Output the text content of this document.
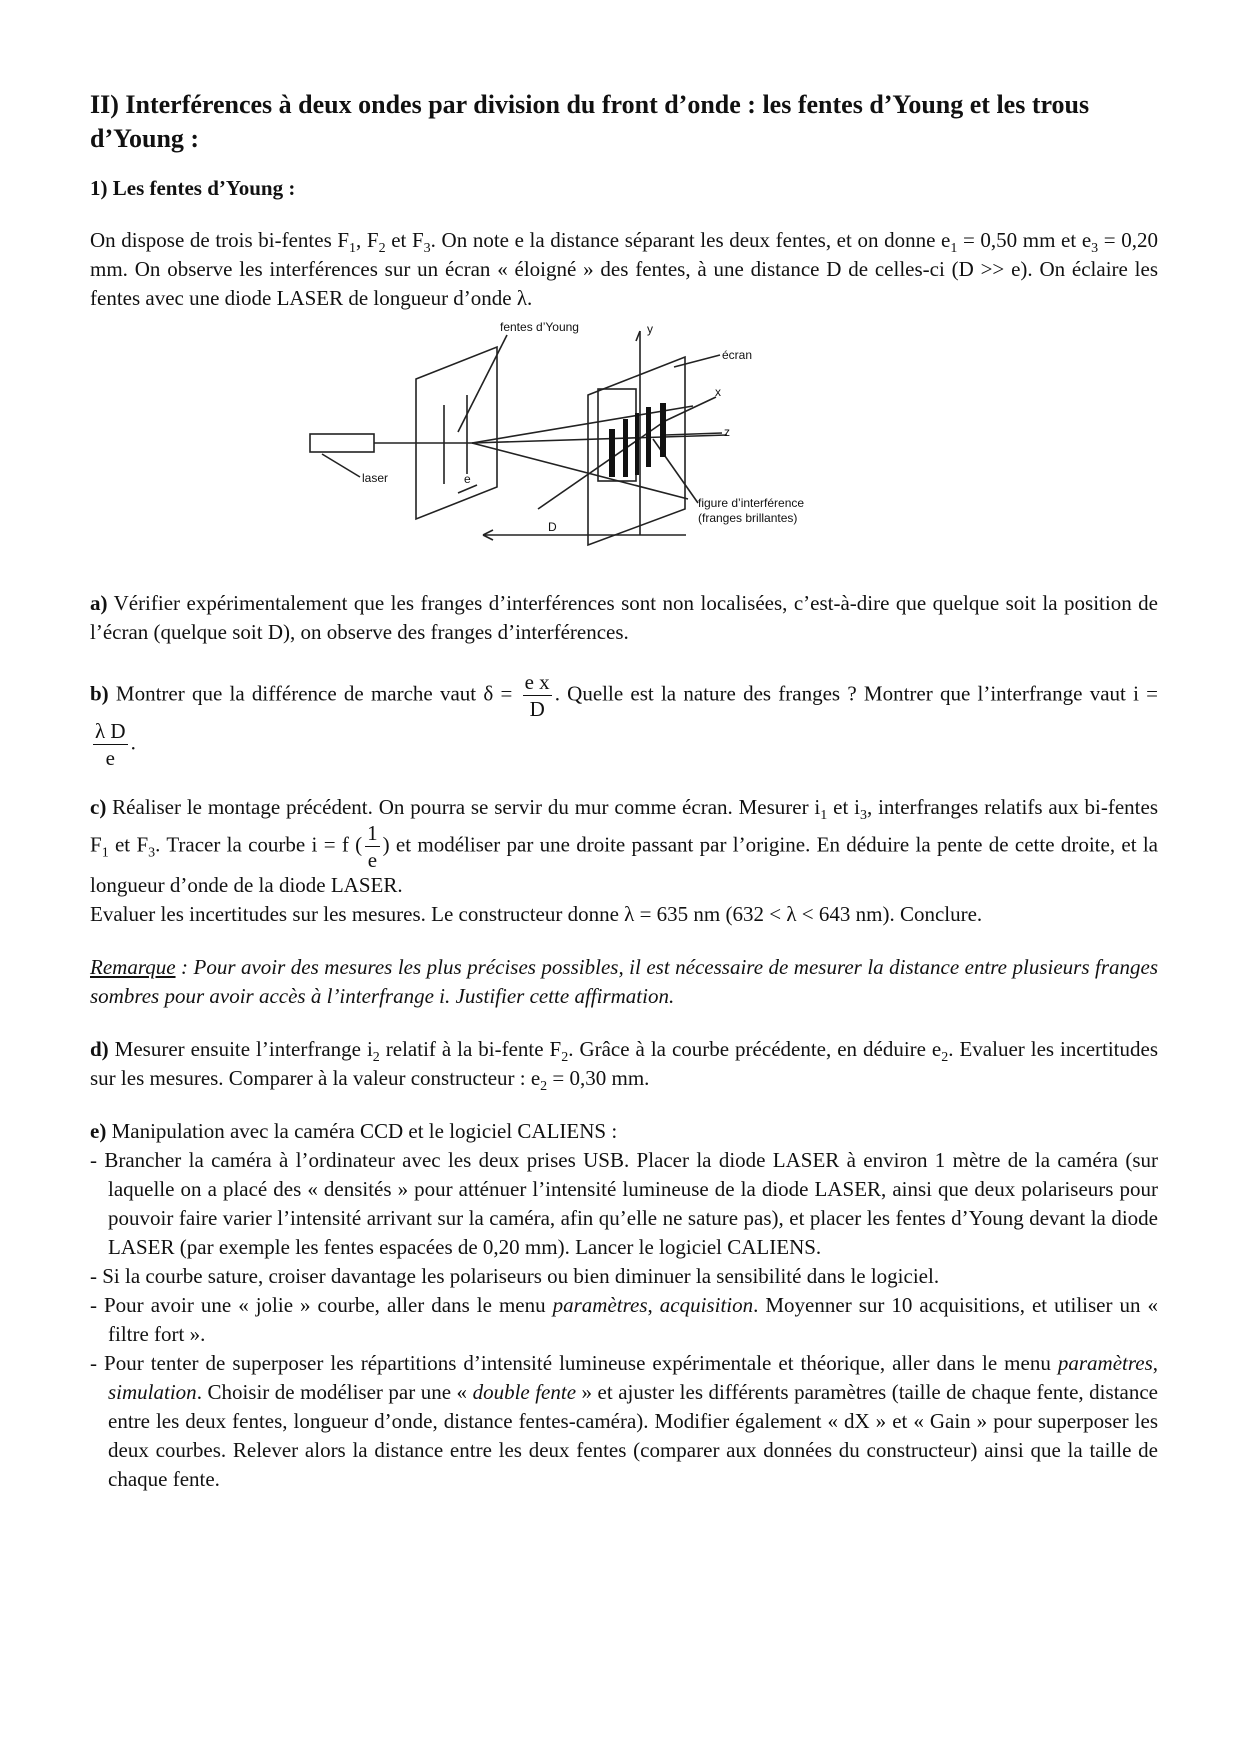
II) Interférences à deux ondes par division du front d’onde : les fentes d’Young et les trous d’Young :
1) Les fentes d’Young :

On dispose de trois bi-fentes $F_1$, $F_2$ et $F_3$. On note e la distance séparant les deux fentes, et on donne $e_1 = 0,50$ mm et $e_3 = 0,20$ mm. On observe les interférences sur un écran « éloigné » des fentes, à une distance D de celles-ci (D >> e). On éclaire les fentes avec une diode LASER de longueur d’onde λ.

fentes d’Young	y
écran
x
z
laser	e
D
figure d’interférence
(franges brillantes)

a) Vérifier expérimentalement que les franges d’interférences sont non localisées, c’est-à-dire que quelque soit la position de l’écran (quelque soit D), on observe des franges d’interférences.

b) Montrer que la différence de marche vaut $\delta = \frac{\text{e x}}{D}$ . Quelle est la nature des franges ? Montrer que l’interfrange vaut i =
$\frac{\text{λ D}}{e}$ .

c) Réaliser le montage précédent. On pourra se servir du mur comme écran. Mesurer $i_1$ et $i_3$, interfranges relatifs aux bi-fentes $F_1$ et $F_3$. Tracer la courbe i = f ( $\frac{1}{e}$ ) et modéliser par une droite passant par l’origine. En déduire la pente de cette droite, et la longueur d’onde de la diode LASER.

Evaluer les incertitudes sur les mesures. Le constructeur donne λ = 635 nm (632 < λ < 643 nm). Conclure.

Remarque : Pour avoir des mesures les plus précises possibles, il est nécessaire de mesurer la distance entre plusieurs franges sombres pour avoir accès à l’interfrange i. Justifier cette affirmation.

d) Mesurer ensuite l’interfrange $i_2$ relatif à la bi-fente $F_2$. Grâce à la courbe précédente, en déduire $e_2$. Evaluer les incertitudes sur les mesures. Comparer à la valeur constructeur : $e_2 = 0,30$ mm.

e) Manipulation avec la caméra CCD et le logiciel CALIENS :

- Brancher la caméra à l’ordinateur avec les deux prises USB. Placer la diode LASER à environ 1 mètre de la caméra (sur laquelle on a placé des « densités » pour atténuer l’intensité lumineuse de la diode LASER, ainsi que deux polariseurs pour pouvoir faire varier l’intensité arrivant sur la caméra, afin qu’elle ne sature pas), et placer les fentes d’Young devant la diode LASER (par exemple les fentes espacées de 0,20 mm). Lancer le logiciel CALIENS.
- Si la courbe sature, croiser davantage les polariseurs ou bien diminuer la sensibilité dans le logiciel.
- Pour avoir une « jolie » courbe, aller dans le menu paramètres, acquisition. Moyenner sur 10 acquisitions, et utiliser un « filtre fort ».
- Pour tenter de superposer les répartitions d’intensité lumineuse expérimentale et théorique, aller dans le menu paramètres, simulation. Choisir de modéliser par une « double fente » et ajuster les différents paramètres (taille de chaque fente, distance entre les deux fentes, longueur d’onde, distance fentes-caméra). Modifier également « dX » et « Gain » pour superposer les deux courbes. Relever alors la distance entre les deux fentes (comparer aux données du constructeur) ainsi que la taille de chaque fente.
